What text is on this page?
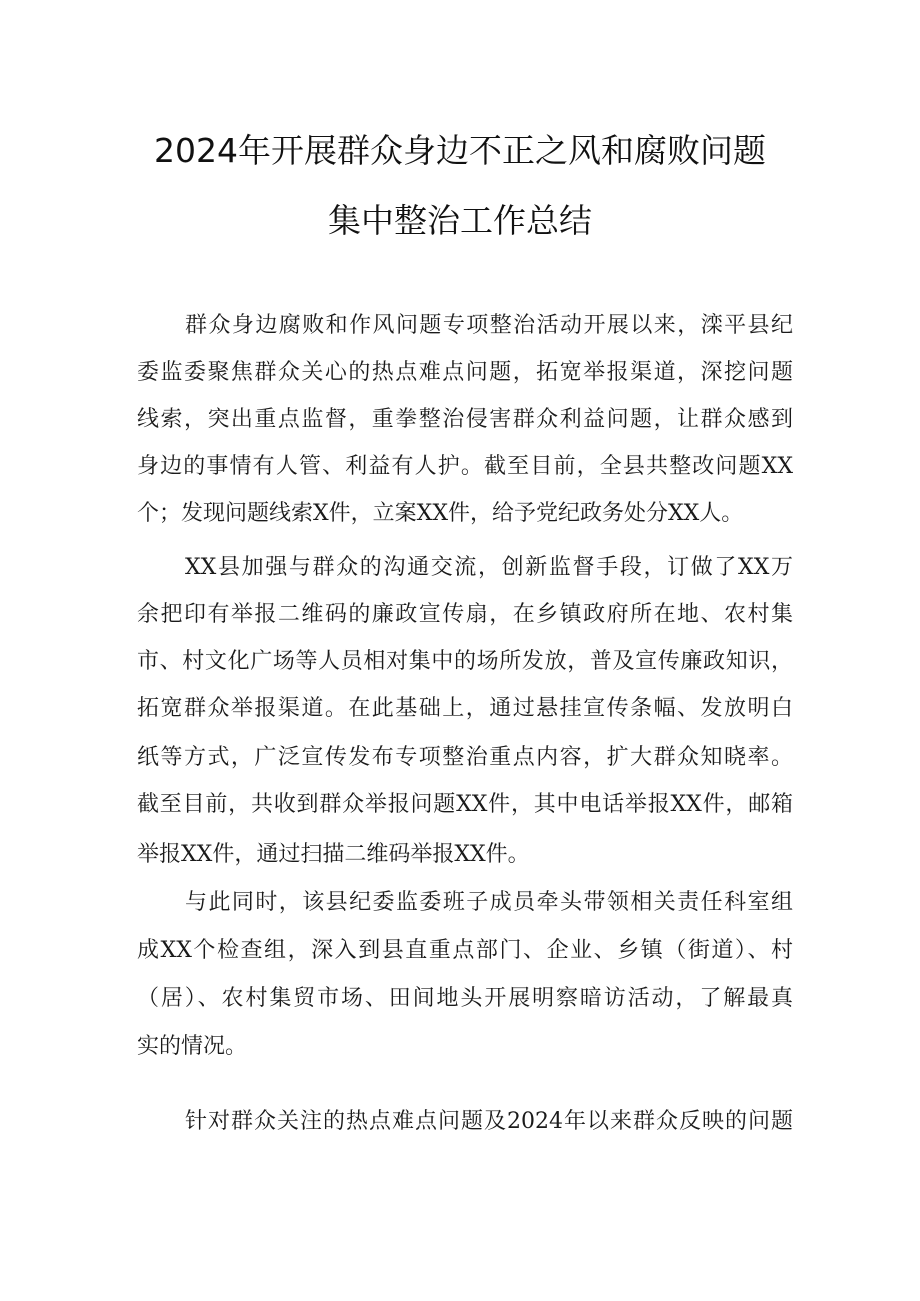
2024年开展群众身边不正之风和腐败问题
集中整治工作总结
群众身边腐败和作风问题专项整治活动开展以来，滦平县纪
委监委聚焦群众关心的热点难点问题，拓宽举报渠道，深挖问题
线索，突出重点监督，重拳整治侵害群众利益问题，让群众感到
身边的事情有人管、利益有人护。截至目前，全县共整改问题XX
个；发现问题线索X件，立案XX件，给予党纪政务处分XX人。
XX县加强与群众的沟通交流，创新监督手段，订做了XX万
余把印有举报二维码的廉政宣传扇，在乡镇政府所在地、农村集
市、村文化广场等人员相对集中的场所发放，普及宣传廉政知识，
拓宽群众举报渠道。在此基础上，通过悬挂宣传条幅、发放明白
纸等方式，广泛宣传发布专项整治重点内容，扩大群众知晓率。
截至目前，共收到群众举报问题XX件，其中电话举报XX件，邮箱
举报XX件，通过扫描二维码举报XX件。
与此同时，该县纪委监委班子成员牵头带领相关责任科室组
成XX个检查组，深入到县直重点部门、企业、乡镇（街道）、村
（居）、农村集贸市场、田间地头开展明察暗访活动，了解最真
实的情况。
针对群众关注的热点难点问题及2024年以来群众反映的问题
